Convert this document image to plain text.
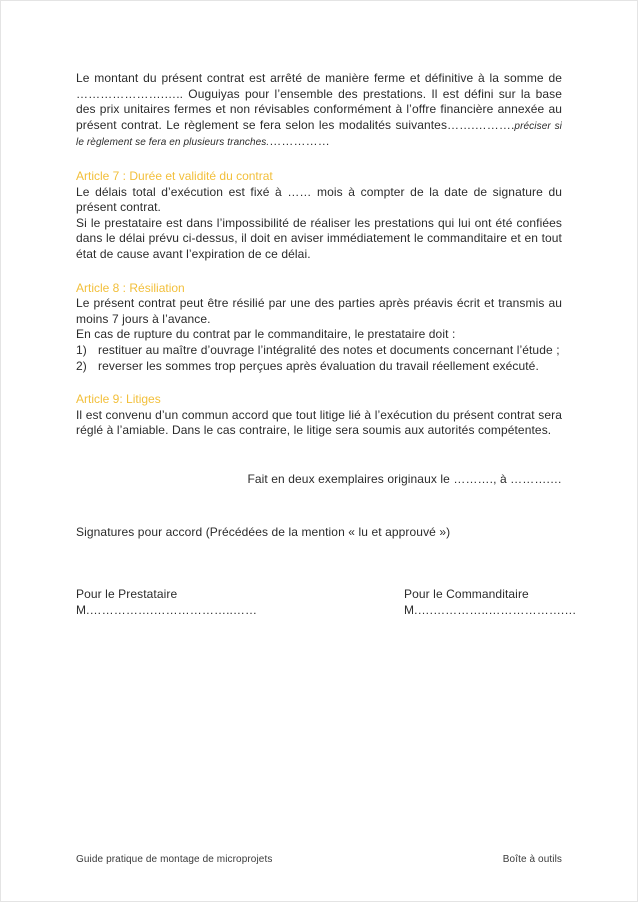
Le montant du présent contrat est arrêté de manière ferme et définitive à la somme de ………………….….. Ouguiyas pour l’ensemble des prestations. Il est défini sur la base des prix unitaires fermes et non révisables conformément à l’offre financière annexée au présent contrat. Le règlement se fera selon les modalités suivantes…….……….préciser si le règlement se fera en plusieurs tranches.……………

Article 7 : Durée et validité du contrat

Le délais total d’exécution est fixé à …… mois à compter de la date de signature du présent contrat.

Si le prestataire est dans l’impossibilité de réaliser les prestations qui lui ont été confiées dans le délai prévu ci-dessus, il doit en aviser immédiatement le commanditaire et en tout état de cause avant l’expiration de ce délai.

Article 8 : Résiliation

Le présent contrat peut être résilié par une des parties après préavis écrit et transmis au moins 7 jours à l’avance.

En cas de rupture du contrat par le commanditaire, le prestataire doit :

1) restituer au maître d’ouvrage l’intégralité des notes et documents concernant l’étude ;
2) reverser les sommes trop perçues après évaluation du travail réellement exécuté.
Article 9: Litiges

Il est convenu d’un commun accord que tout litige lié à l’exécution du présent contrat sera réglé à l’amiable. Dans le cas contraire, le litige sera soumis aux autorités compétentes.

Fait en deux exemplaires originaux le ………., à ……….…

Signatures pour accord (Précédées de la mention « lu et approuvé »)

Pour le Prestataire
M.…………….………………..……
Pour le Commanditaire
M.….…………..……………….…
Guide pratique de montage de microprojets	Boîte à outils
